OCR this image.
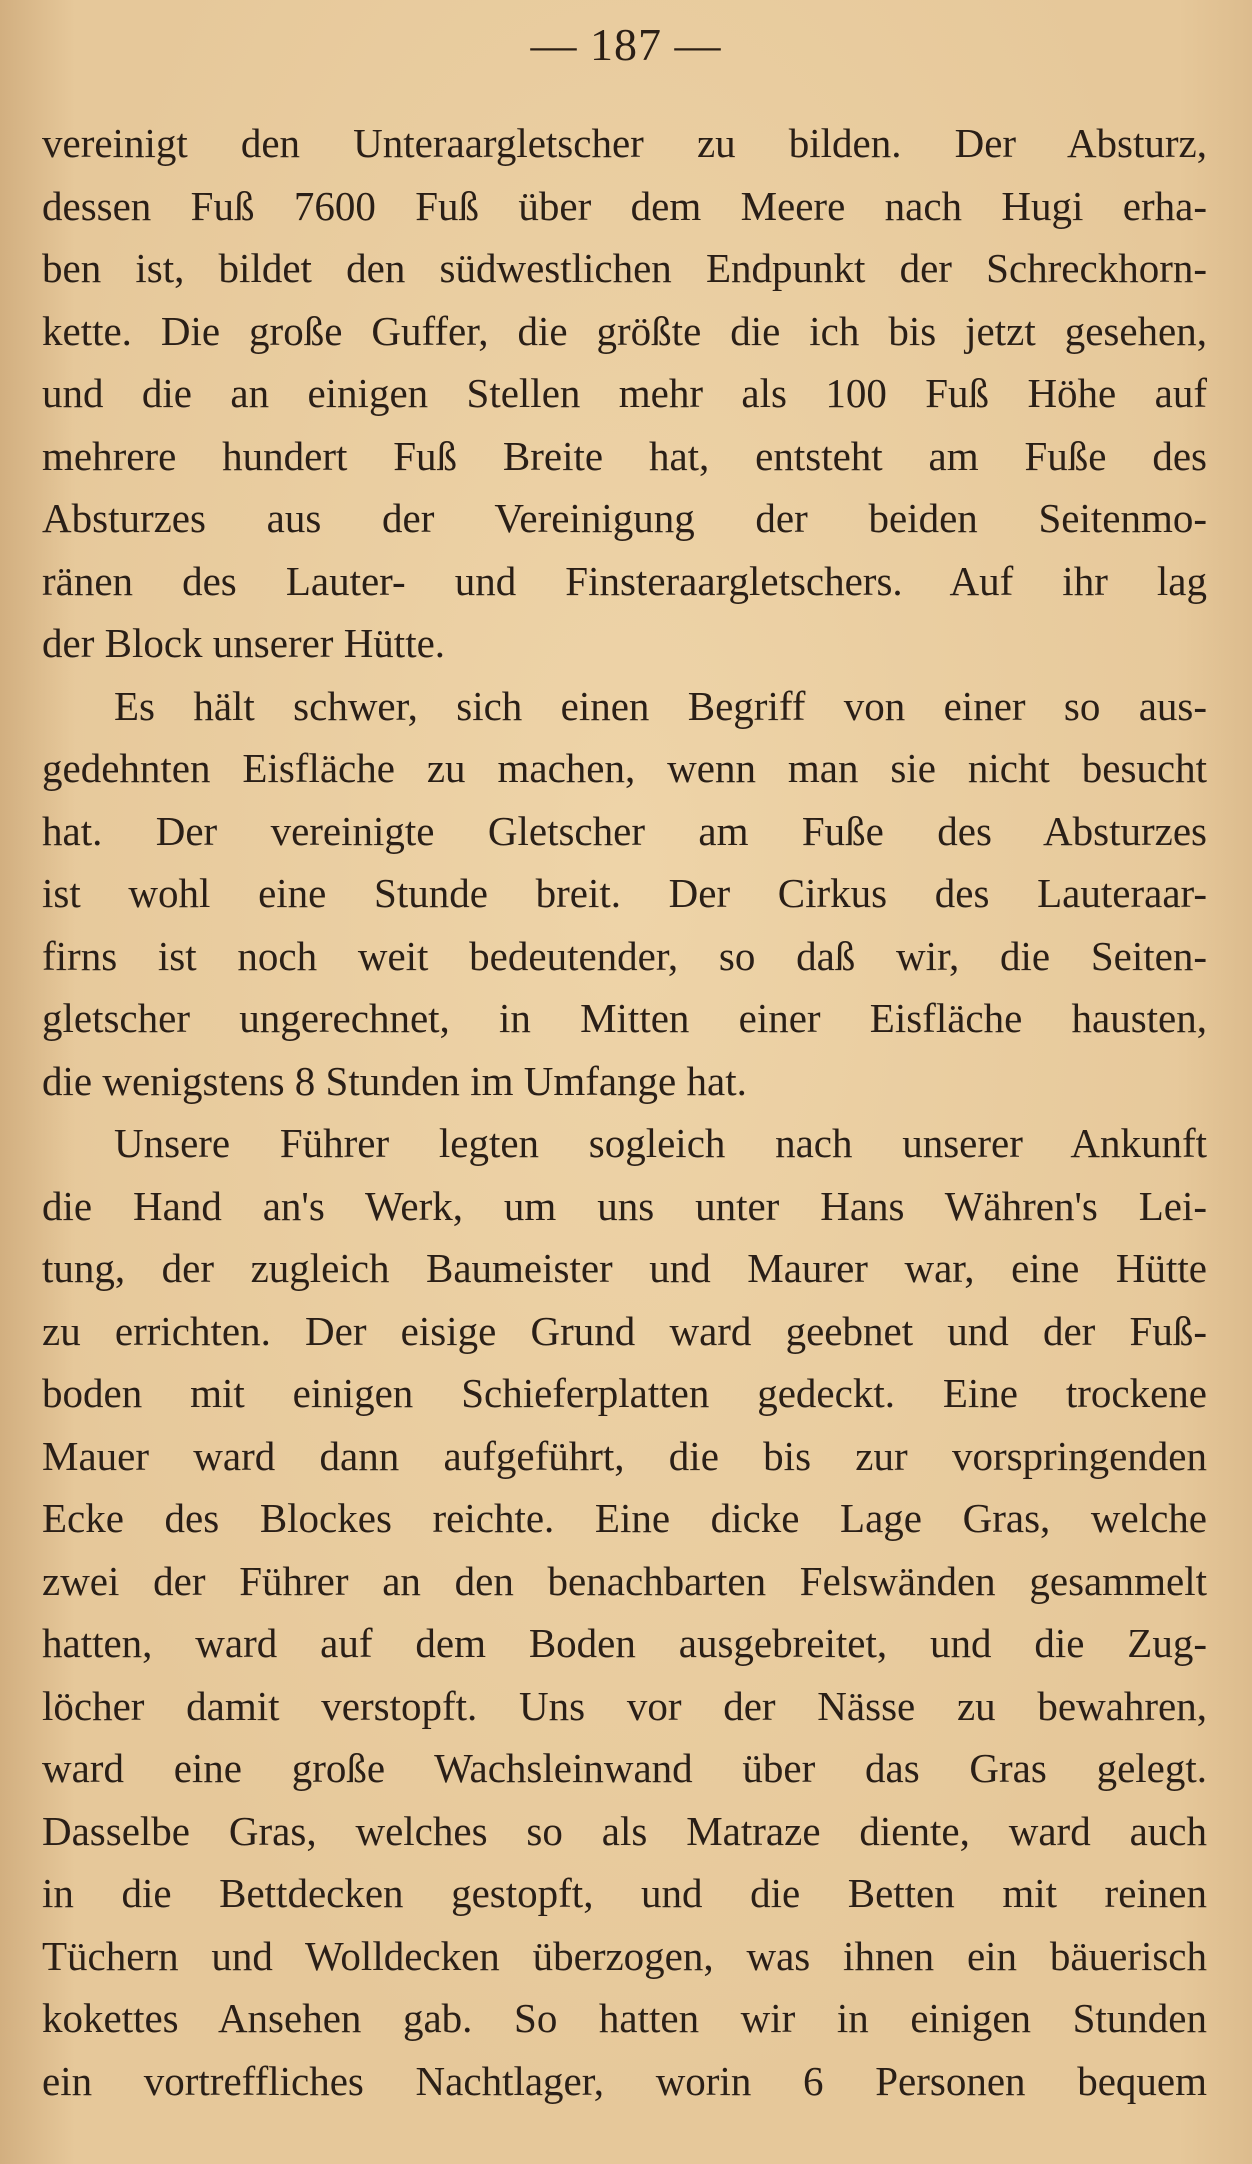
— 187 —
vereinigt den Unteraargletscher zu bilden. Der Absturz,
dessen Fuß 7600 Fuß über dem Meere nach Hugi erha-
ben ist, bildet den südwestlichen Endpunkt der Schreckhorn-
kette. Die große Guffer, die größte die ich bis jetzt gesehen,
und die an einigen Stellen mehr als 100 Fuß Höhe auf
mehrere hundert Fuß Breite hat, entsteht am Fuße des
Absturzes aus der Vereinigung der beiden Seitenmo-
ränen des Lauter- und Finsteraargletschers. Auf ihr lag
der Block unserer Hütte.
Es hält schwer, sich einen Begriff von einer so aus-
gedehnten Eisfläche zu machen, wenn man sie nicht besucht
hat. Der vereinigte Gletscher am Fuße des Absturzes
ist wohl eine Stunde breit. Der Cirkus des Lauteraar-
firns ist noch weit bedeutender, so daß wir, die Seiten-
gletscher ungerechnet, in Mitten einer Eisfläche hausten,
die wenigstens 8 Stunden im Umfange hat.
Unsere Führer legten sogleich nach unserer Ankunft
die Hand an's Werk, um uns unter Hans Währen's Lei-
tung, der zugleich Baumeister und Maurer war, eine Hütte
zu errichten. Der eisige Grund ward geebnet und der Fuß-
boden mit einigen Schieferplatten gedeckt. Eine trockene
Mauer ward dann aufgeführt, die bis zur vorspringenden
Ecke des Blockes reichte. Eine dicke Lage Gras, welche
zwei der Führer an den benachbarten Felswänden gesammelt
hatten, ward auf dem Boden ausgebreitet, und die Zug-
löcher damit verstopft. Uns vor der Nässe zu bewahren,
ward eine große Wachsleinwand über das Gras gelegt.
Dasselbe Gras, welches so als Matraze diente, ward auch
in die Bettdecken gestopft, und die Betten mit reinen
Tüchern und Wolldecken überzogen, was ihnen ein bäuerisch
kokettes Ansehen gab. So hatten wir in einigen Stunden
ein vortreffliches Nachtlager, worin 6 Personen bequem
